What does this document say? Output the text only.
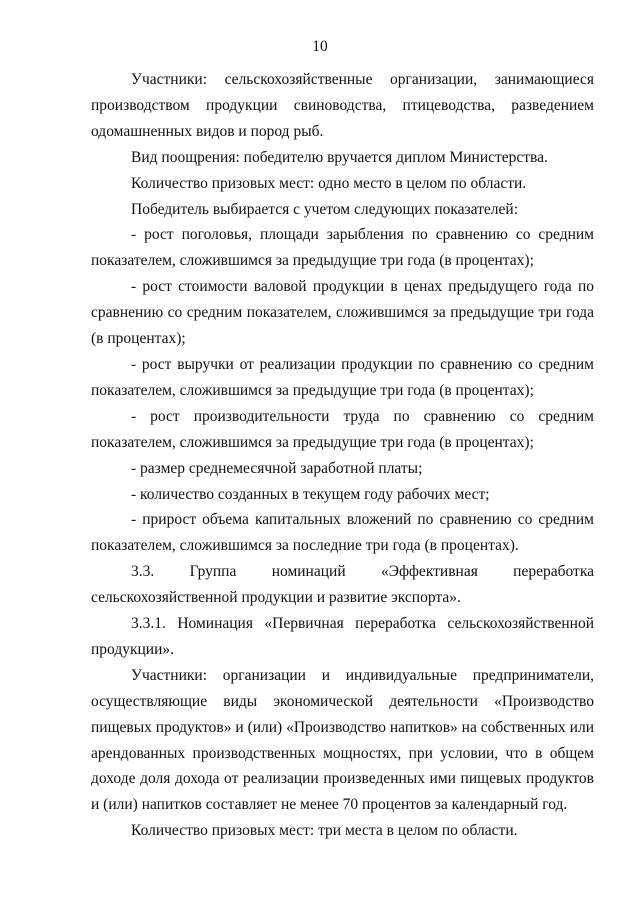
10

Участники: сельскохозяйственные организации, занимающиеся производством продукции свиноводства, птицеводства, разведением одомашненных видов и пород рыб.

Вид поощрения: победителю вручается диплом Министерства.

Количество призовых мест: одно место в целом по области.

Победитель выбирается с учетом следующих показателей:

- рост поголовья, площади зарыбления по сравнению со средним показателем, сложившимся за предыдущие три года (в процентах);

- рост стоимости валовой продукции в ценах предыдущего года по сравнению со средним показателем, сложившимся за предыдущие три года (в процентах);

- рост выручки от реализации продукции по сравнению со средним показателем, сложившимся за предыдущие три года (в процентах);

- рост производительности труда по сравнению со средним показателем, сложившимся за предыдущие три года (в процентах);

- размер среднемесячной заработной платы;

- количество созданных в текущем году рабочих мест;

- прирост объема капитальных вложений по сравнению со средним показателем, сложившимся за последние три года (в процентах).

3.3. Группа номинаций «Эффективная переработка сельскохозяйственной продукции и развитие экспорта».

3.3.1. Номинация «Первичная переработка сельскохозяйственной продукции».

Участники: организации и индивидуальные предприниматели, осуществляющие виды экономической деятельности «Производство пищевых продуктов» и (или) «Производство напитков» на собственных или арендованных производственных мощностях, при условии, что в общем доходе доля дохода от реализации произведенных ими пищевых продуктов и (или) напитков составляет не менее 70 процентов за календарный год.

Количество призовых мест: три места в целом по области.
